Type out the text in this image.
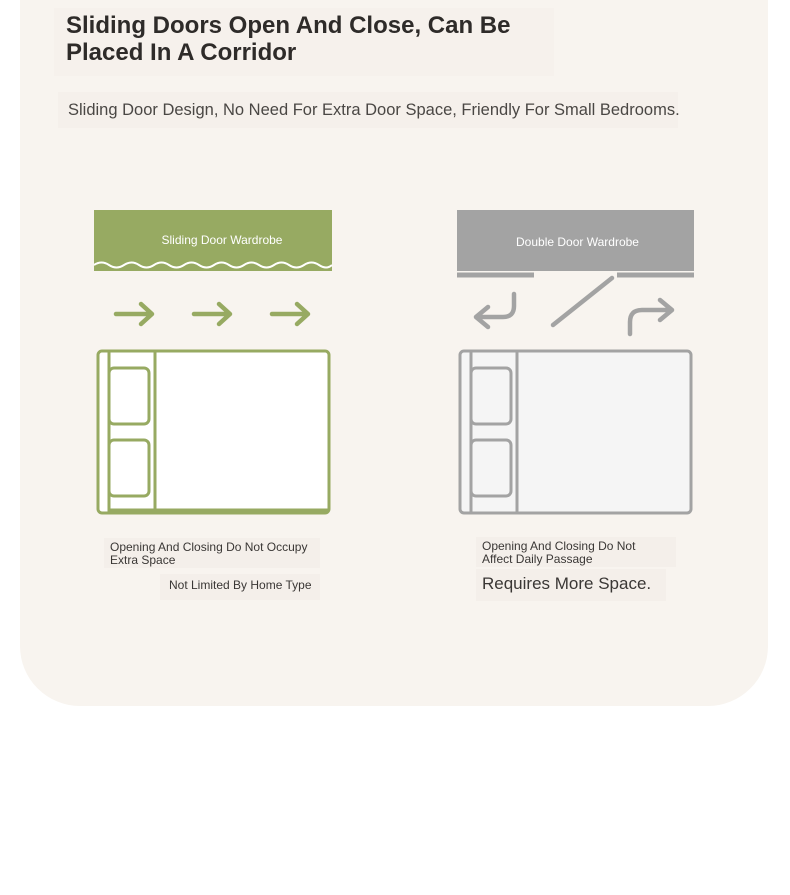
Sliding Doors Open And Close, Can Be
Placed In A Corridor
Sliding Door Design, No Need For Extra Door Space, Friendly For Small Bedrooms.
Sliding Door Wardrobe	Double Door Wardrobe
Opening And Closing Do Not Occupy
Extra Space
Not Limited By Home Type
Opening And Closing Do Not
Affect Daily Passage
Requires More Space.
